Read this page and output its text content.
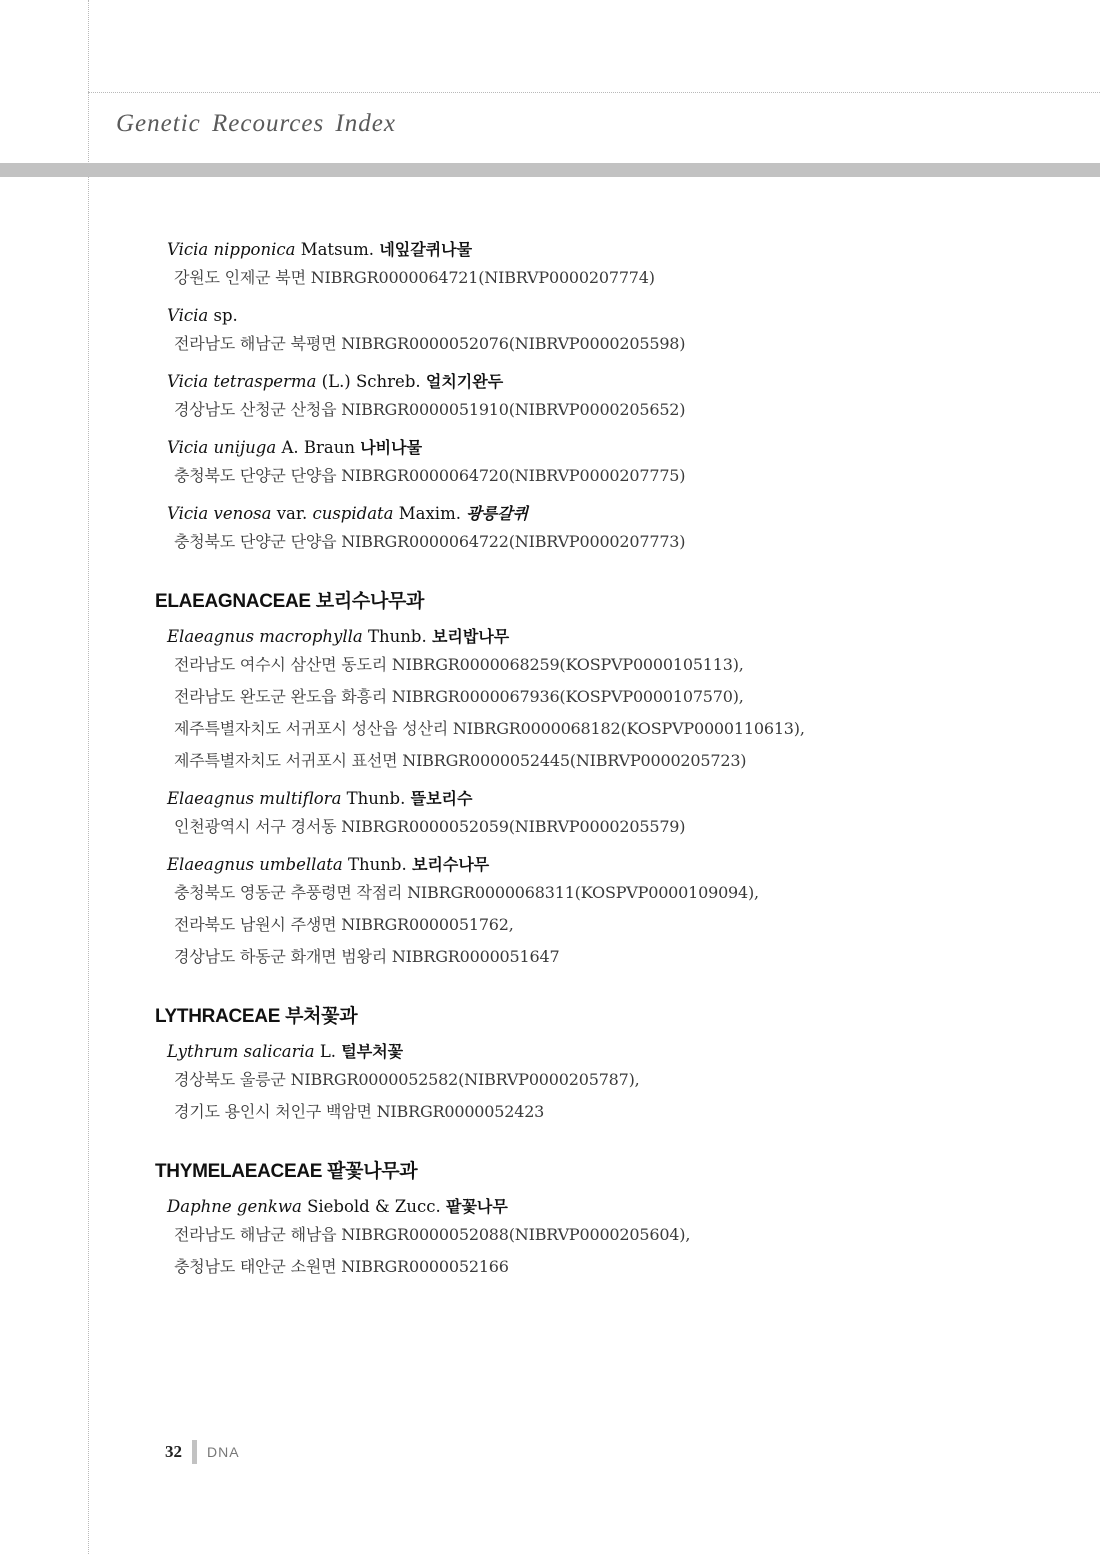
Genetic Recources Index
Vicia nipponica Matsum. 네잎갈퀴나물
강원도 인제군 북면 NIBRGR0000064721(NIBRVP0000207774)
Vicia sp.
전라남도 해남군 북평면 NIBRGR0000052076(NIBRVP0000205598)
Vicia tetrasperma (L.) Schreb. 얼치기완두
경상남도 산청군 산청읍 NIBRGR0000051910(NIBRVP0000205652)
Vicia unijuga A. Braun 나비나물
충청북도 단양군 단양읍 NIBRGR0000064720(NIBRVP0000207775)
Vicia venosa var. cuspidata Maxim. 광릉갈퀴
충청북도 단양군 단양읍 NIBRGR0000064722(NIBRVP0000207773)
ELAEAGNACEAE 보리수나무과
Elaeagnus macrophylla Thunb. 보리밥나무
전라남도 여수시 삼산면 동도리 NIBRGR0000068259(KOSPVP0000105113),
전라남도 완도군 완도읍 화흥리 NIBRGR0000067936(KOSPVP0000107570),
제주특별자치도 서귀포시 성산읍 성산리 NIBRGR0000068182(KOSPVP0000110613),
제주특별자치도 서귀포시 표선면 NIBRGR0000052445(NIBRVP0000205723)
Elaeagnus multiflora Thunb. 뜰보리수
인천광역시 서구 경서동 NIBRGR0000052059(NIBRVP0000205579)
Elaeagnus umbellata Thunb. 보리수나무
충청북도 영동군 추풍령면 작점리 NIBRGR0000068311(KOSPVP0000109094),
전라북도 남원시 주생면 NIBRGR0000051762,
경상남도 하동군 화개면 범왕리 NIBRGR0000051647
LYTHRACEAE 부처꽃과
Lythrum salicaria L. 털부처꽃
경상북도 울릉군 NIBRGR0000052582(NIBRVP0000205787),
경기도 용인시 처인구 백암면 NIBRGR0000052423
THYMELAEACEAE 팥꽃나무과
Daphne genkwa Siebold & Zucc. 팥꽃나무
전라남도 해남군 해남읍 NIBRGR0000052088(NIBRVP0000205604),
충청남도 태안군 소원면 NIBRGR0000052166
32 DNA
